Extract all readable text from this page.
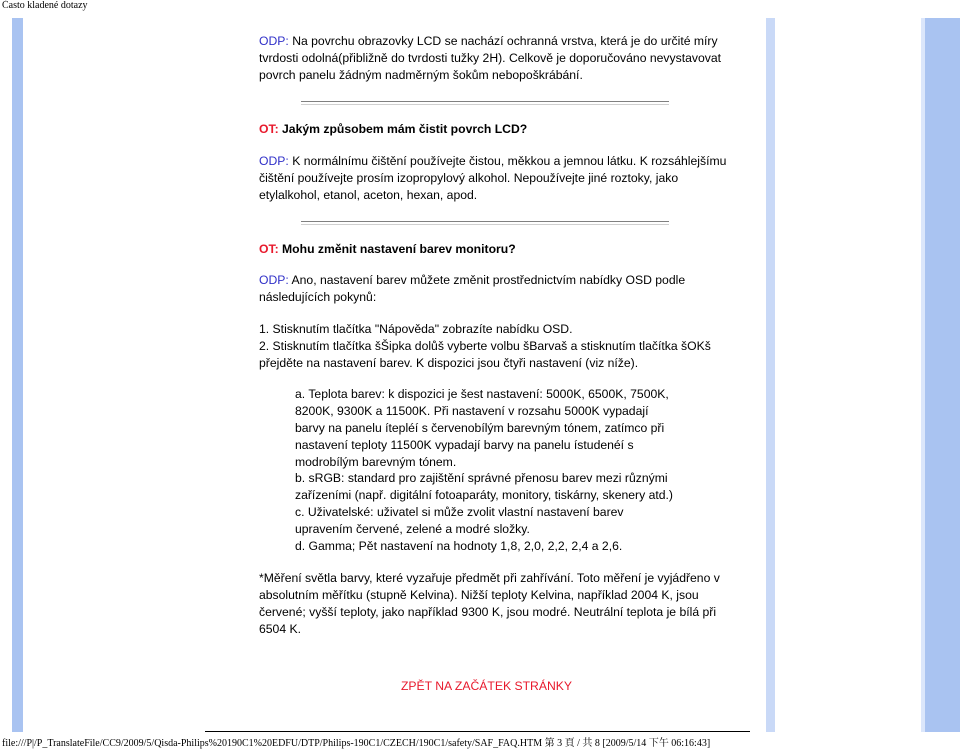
Často kladené dotazy

ODP: Na povrchu obrazovky LCD se nachází ochranná vrstva, která je do určité míry tvrdosti odolná(přibližně do tvrdosti tužky 2H). Celkově je doporučováno nevystavovat povrch panelu žádným nadměrným šokům nebopoškrábání.

OT: Jakým způsobem mám čistit povrch LCD?

ODP: K normálnímu čištění používejte čistou, měkkou a jemnou látku. K rozsáhlejšímu čištění používejte prosím izopropylový alkohol. Nepoužívejte jiné roztoky, jako etylalkohol, etanol, aceton, hexan, apod.

OT: Mohu změnit nastavení barev monitoru?

ODP: Ano, nastavení barev můžete změnit prostřednictvím nabídky OSD podle následujících pokynů:

1. Stisknutím tlačítka "Nápověda" zobrazíte nabídku OSD.

2. Stisknutím tlačítka šŠipka dolůš vyberte volbu šBarvaš a stisknutím tlačítka šOKš přejděte na nastavení barev. K dispozici jsou čtyři nastavení (viz níže).

a. Teplota barev: k dispozici je šest nastavení: 5000K, 6500K, 7500K, 8200K, 9300K a 11500K. Při nastavení v rozsahu 5000K vypadají barvy na panelu ítepléí s červenobílým barevným tónem, zatímco při nastavení teploty 11500K vypadají barvy na panelu ístudenéí s modrobílým barevným tónem.

b. sRGB: standard pro zajištění správné přenosu barev mezi různými zařízeními (např. digitální fotoaparáty, monitory, tiskárny, skenery atd.)

c. Uživatelské: uživatel si může zvolit vlastní nastavení barev upravením červené, zelené a modré složky.

d. Gamma; Pět nastavení na hodnoty 1,8, 2,0, 2,2, 2,4 a 2,6.

*Měření světla barvy, které vyzařuje předmět při zahřívání. Toto měření je vyjádřeno v absolutním měřítku (stupně Kelvina). Nižší teploty Kelvina, například 2004 K, jsou červené; vyšší teploty, jako například 9300 K, jsou modré. Neutrální teplota je bílá při 6504 K.

ZPĚT NA ZAČÁTEK STRÁNKY

file:///P|/P_TranslateFile/CC9/2009/5/Qisda-Philips%20190C1%20EDFU/DTP/Philips-190C1/CZECH/190C1/safety/SAF_FAQ.HTM 第 3 頁 / 共 8 [2009/5/14 下午 06:16:43]
